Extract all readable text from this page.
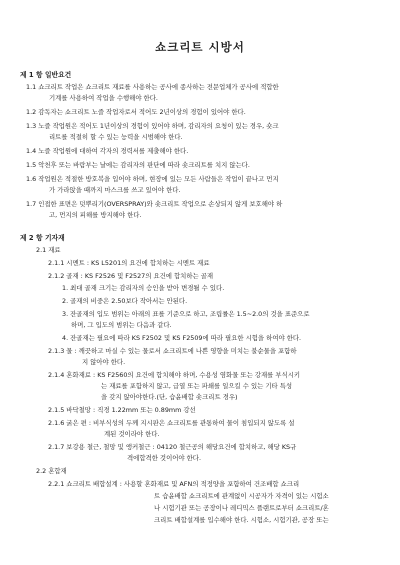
쇼크리트 시방서
제 1 항 일반요건
1.1 쇼크리트 작업은 쇼크리트 재료를 사용하는 공사에 종사하는 전문업체가 공사에 적합한
기계를 사용하여 작업을 수행해야 한다.
1.2 감독자는 쇼크리트 노즐 작업자로서 적어도 2년이상의 경험이 있어야 한다.
1.3 노즐 작업원은 적어도 1년이상의 경험이 있어야 하며, 감리자의 요청이 있는 경우, 숏크
리트를 적절히 할 수 있는 능력을 시범해야 한다.
1.4 노즐 작업원에 대하여 각자의 경력서를 제출해야 한다.
1.5 악천후 또는 바람부는 날에는 감리자의 판단에 따라 숏크리트를 치지 않는다.
1.6 작업원은 적절한 방호복을 입어야 하며, 현장에 있는 모든 사람들은 작업이 끝나고 먼지
가 가라앉을 때까지 마스크를 쓰고 있어야 한다.
1.7 인접한 표면은 덧뿌리기(OVERSPRAY)와 숏크리트 작업으로 손상되지 않게 보호해야 하
고, 먼지의 피해를 방지해야 한다.
제 2 항 기자재
2.1 재료
2.1.1 시멘트 : KS L5201의 요건에 합치하는 시멘트 재료
2.1.2 골재 : KS F2526 및 F2527의 요건에 합치하는 골재
1. 최대 골재 크기는 감리자의 승인을 받아 변경될 수 있다.
2. 골재의 비중은 2.50보다 작아서는 안된다.
3. 잔골재의 입도 범위는 아래의 표를 기준으로 하고, 조립률은 1.5~2.0의 것을 표준으로
하며, 그 입도의 범위는 다음과 같다.
4. 잔골재는 필요에 따라 KS F2502 및 KS F2509에 따라 필요한 시험을 하여야 한다.
2.1.3 물 : 깨끗하고 마실 수 있는 물로서 쇼크리트에 나쁜 영향을 미치는 불순물을 포함하
지 않아야 한다.
2.1.4 혼화재료 : KS F2560의 요건에 합치해야 하며, 수용성 염화물 또는 강재를 부식시키
는 재료를 포함하지 않고, 급열 또는 파쇄를 일으킬 수 있는 기타 특성
을 갖지 않아야한다.(단, 습윤배합 숏크리트 경우)
2.1.5 바닥철망 : 직경 1.22mm 또는 0.89mm 강선
2.1.6 굵은 편 : 비부식성의 두께 지시판은 쇼크리트를 관통하여 물이 침입되지 않도록 설
계된 것이라야 한다.
2.1.7 보강용 철근, 철망 및 앵커철근 : 04120 철근공의 해당요건에 합치하고, 해당 KS규
격에합격한 것이어야 한다.
2.2 혼합재
2.2.1 쇼크리트 배합설계 : 사용할 혼화재료 및 AFN의 적정양을 포함하여 건조배합 쇼크리
트 습윤배합 쇼크리트에 관계없이 시공자가 자격이 있는 시험소
나 시험기관 또는 공장이나 레디믹스 플랜트로부터 쇼크리트/혼
크리트 배합설계를 입수해야 한다. 시험소, 시험기관, 공장 또는
